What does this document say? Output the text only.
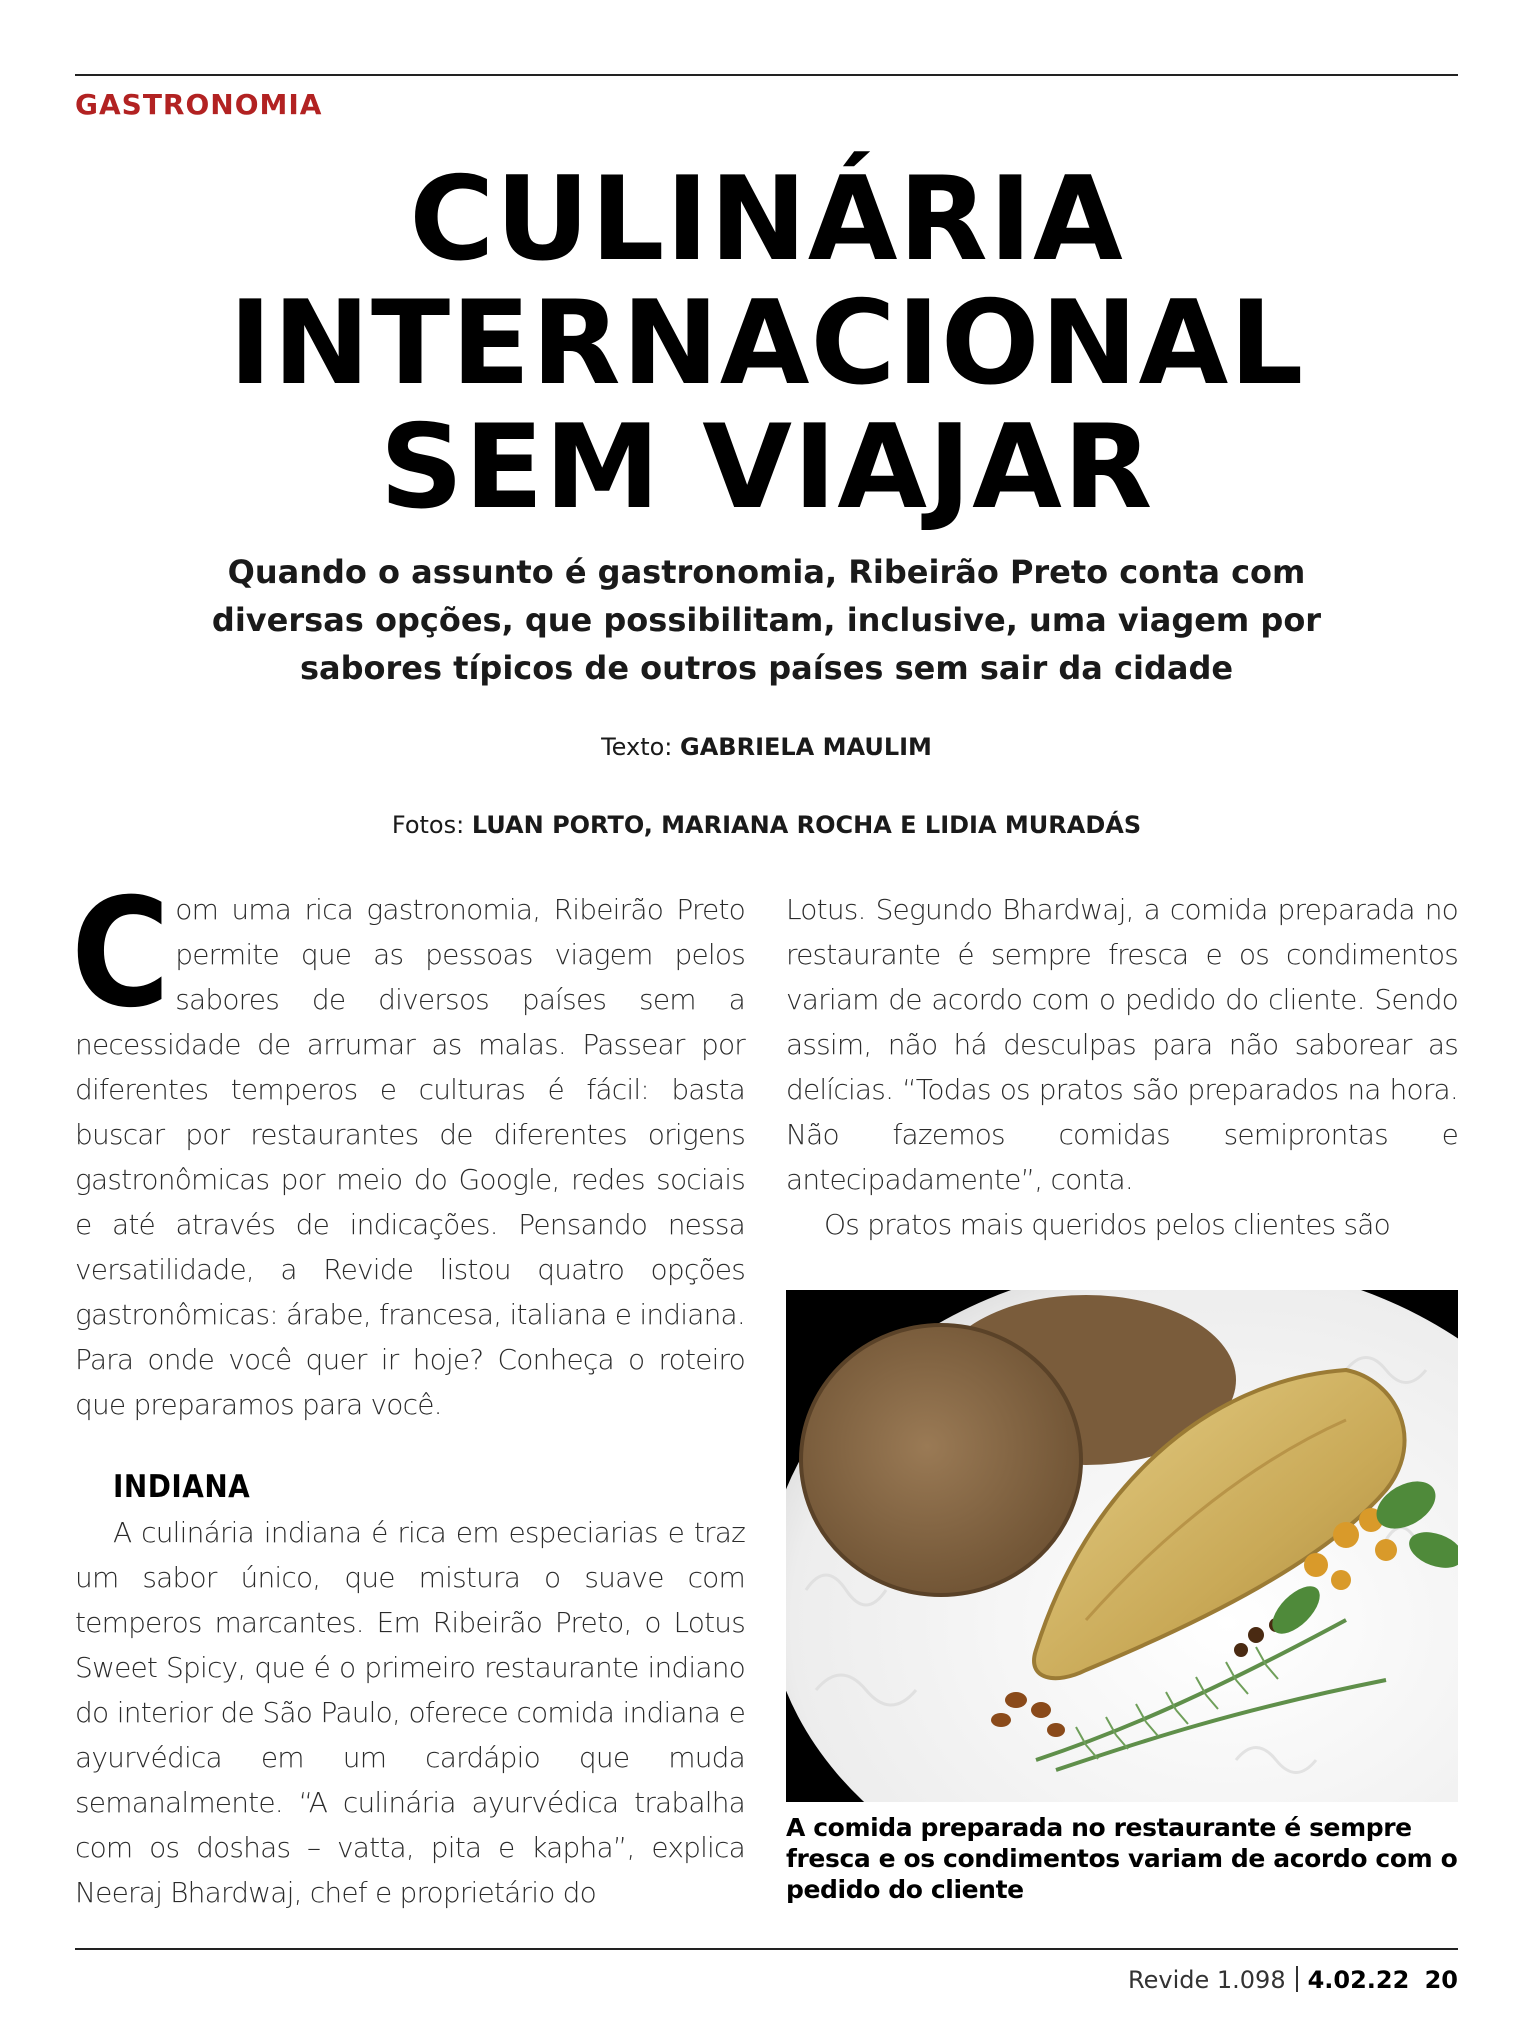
GASTRONOMIA
CULINÁRIA
INTERNACIONAL
SEM VIAJAR

Quando o assunto é gastronomia, Ribeirão Preto conta com diversas opções, que possibilitam, inclusive, uma viagem por sabores típicos de outros países sem sair da cidade

Texto: GABRIELA MAULIM
Fotos: LUAN PORTO, MARIANA ROCHA E LIDIA MURADÁS

Com uma rica gastronomia, Ribeirão Preto permite que as pessoas viagem pelos sabores de diversos países sem a necessidade de arrumar as malas. Passear por diferentes temperos e culturas é fácil: basta buscar por restaurantes de diferentes origens gastronômicas por meio do Google, redes sociais e até através de indicações. Pensando nessa versatilidade, a Revide listou quatro opções gastronômicas: árabe, francesa, italiana e indiana. Para onde você quer ir hoje? Conheça o roteiro que preparamos para você.

INDIANA

A culinária indiana é rica em especiarias e traz um sabor único, que mistura o suave com temperos marcantes. Em Ribeirão Preto, o Lotus Sweet Spicy, que é o primeiro restaurante indiano do interior de São Paulo, oferece comida indiana e ayurvédica em um cardápio que muda semanalmente. “A culinária ayurvédica trabalha com os doshas – vatta, pita e kapha”, explica Neeraj Bhardwaj, chef e proprietário do

Lotus. Segundo Bhardwaj, a comida preparada no restaurante é sempre fresca e os condimentos variam de acordo com o pedido do cliente. Sendo assim, não há desculpas para não saborear as delícias. “Todas os pratos são preparados na hora. Não fazemos comidas semiprontas e antecipadamente”, conta.

Os pratos mais queridos pelos clientes são

A comida preparada no restaurante é sempre fresca e os condimentos variam de acordo com o pedido do cliente

Revide 1.098 4.02.22 20
